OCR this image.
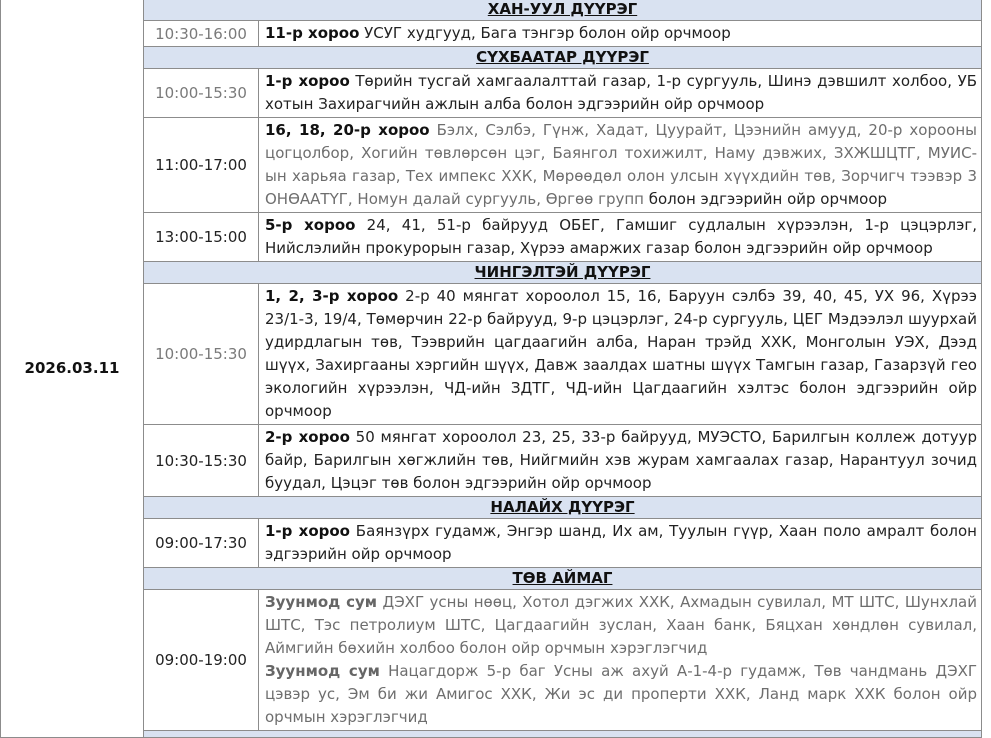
2026.03.11	ХАН-УУЛ ДҮҮРЭГ	
	10:30-16:00	11-р хороо УСУГ худгууд, Бага тэнгэр болон ойр орчмоор
	СҮХБААТАР ДҮҮРЭГ	
	10:00-15:30	1-р хороо Төрийн тусгай хамгаалалттай газар, 1-р сургууль, Шинэ дэвшилт холбоо, УБ хотын Захирагчийн ажлын алба болон эдгээрийн ойр орчмоор
	11:00-17:00	16, 18, 20-р хороо Бэлх, Сэлбэ, Гүнж, Хадат, Цуурайт, Цээнийн амууд, 20-р хорооны цогцолбор, Хогийн төвлөрсөн цэг, Баянгол тохижилт, Наму дэвжих, ЗХЖШЦТГ, МУИС-ын харьяа газар, Тех импекс ХХК, Мөрөөдөл олон улсын хүүхдийн төв, Зорчигч тээвэр 3 ОНӨААТҮГ, Номун далай сургууль, Өргөө групп болон эдгээрийн ойр орчмоор
	13:00-15:00	5-р хороо 24, 41, 51-р байрууд ОБЕГ, Гамшиг судлалын хүрээлэн, 1-р цэцэрлэг, Нийслэлийн прокурорын газар, Хүрээ амаржих газар болон эдгээрийн ойр орчмоор
	ЧИНГЭЛТЭЙ ДҮҮРЭГ	
	10:00-15:30	1, 2, 3-р хороо 2-р 40 мянгат хороолол 15, 16, Баруун сэлбэ 39, 40, 45, УХ 96, Хүрээ 23/1-3, 19/4, Төмөрчин 22-р байрууд, 9-р цэцэрлэг, 24-р сургууль, ЦЕГ Мэдээлэл шуурхай удирдлагын төв, Тээврийн цагдаагийн алба, Наран трэйд ХХК, Монголын УЭХ, Дээд шүүх, Захиргааны хэргийн шүүх, Давж заалдах шатны шүүх Тамгын газар, Газарзүй гео экологийн хүрээлэн, ЧД-ийн ЗДТГ, ЧД-ийн Цагдаагийн хэлтэс болон эдгээрийн ойр орчмоор
	10:30-15:30	2-р хороо 50 мянгат хороолол 23, 25, 33-р байрууд, МУЭСТО, Барилгын коллеж дотуур байр, Барилгын хөгжлийн төв, Нийгмийн хэв журам хамгаалах газар, Нарантуул зочид буудал, Цэцэг төв болон эдгээрийн ойр орчмоор
	НАЛАЙХ ДҮҮРЭГ	
	09:00-17:30	1-р хороо Баянзүрх гудамж, Энгэр шанд, Их ам, Туулын гүүр, Хаан поло амралт болон эдгээрийн ойр орчмоор
	ТӨВ АЙМАГ	
	09:00-19:00	Зуунмод сум ДЭХГ усны нөөц, Хотол дэгжих ХХК, Ахмадын сувилал, МТ ШТС, Шунхлай ШТС, Тэс петролиум ШТС, Цагдаагийн зуслан, Хаан банк, Бяцхан хөндлөн сувилал, Аймгийн бөхийн холбоо болон ойр орчмын хэрэглэгчид
Зуунмод сум Нацагдорж 5-р баг Усны аж ахуй А-1-4-р гудамж, Төв чандмань ДЭХГ цэвэр ус, Эм би жи Амигос ХХК, Жи эс ди проперти ХХК, Ланд марк ХХК болон ойр орчмын хэрэглэгчид
